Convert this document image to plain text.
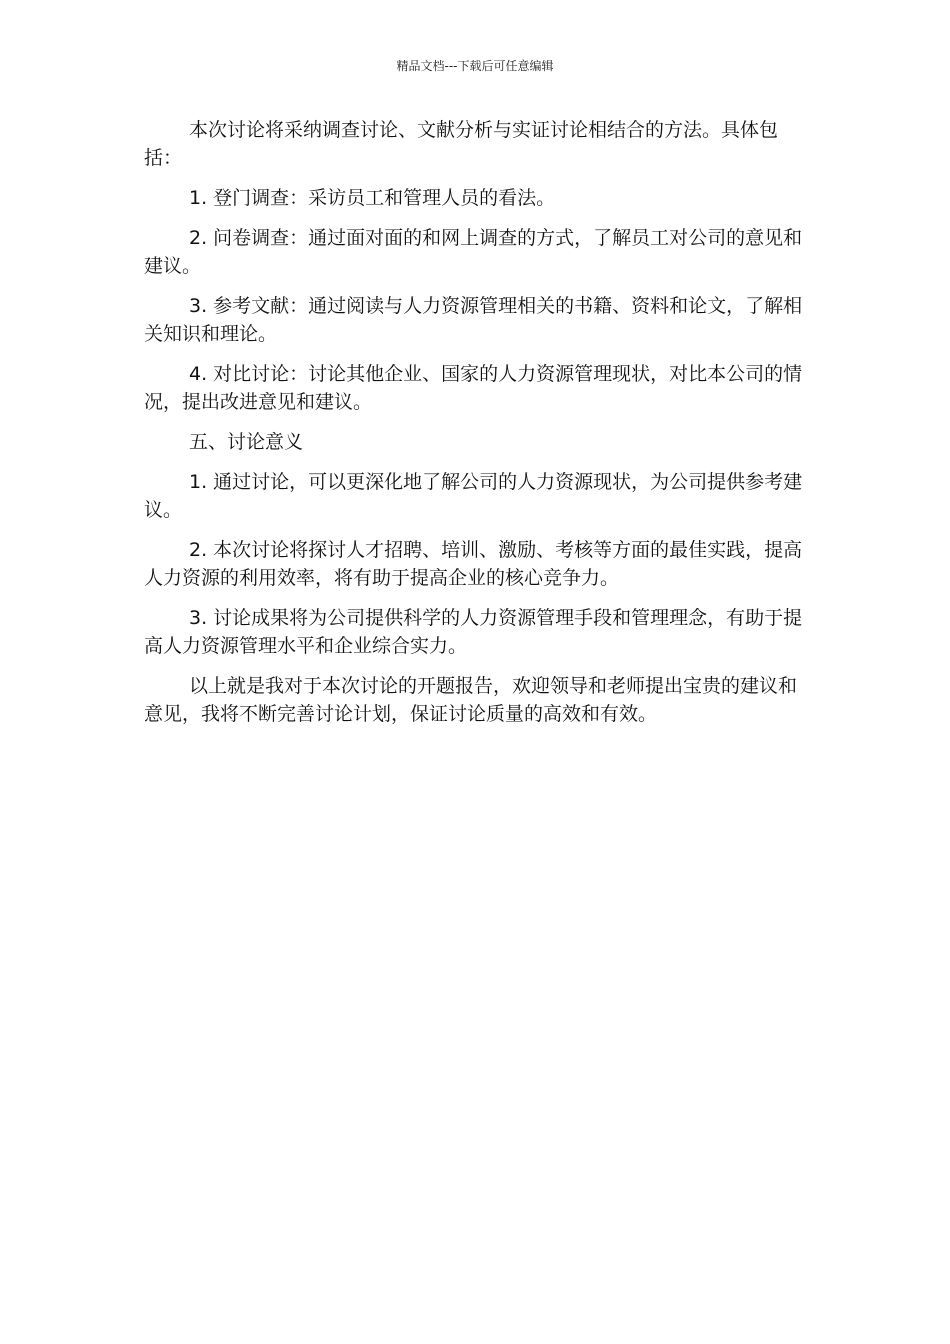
精品文档---下载后可任意编辑

本次讨论将采纳调查讨论、文献分析与实证讨论相结合的方法。具体包括：

1. 登门调查：采访员工和管理人员的看法。

2. 问卷调查：通过面对面的和网上调查的方式，了解员工对公司的意见和建议。

3. 参考文献：通过阅读与人力资源管理相关的书籍、资料和论文，了解相关知识和理论。

4. 对比讨论：讨论其他企业、国家的人力资源管理现状，对比本公司的情况，提出改进意见和建议。

五、讨论意义

1. 通过讨论，可以更深化地了解公司的人力资源现状，为公司提供参考建议。

2. 本次讨论将探讨人才招聘、培训、激励、考核等方面的最佳实践，提高人力资源的利用效率，将有助于提高企业的核心竞争力。

3. 讨论成果将为公司提供科学的人力资源管理手段和管理理念，有助于提高人力资源管理水平和企业综合实力。

以上就是我对于本次讨论的开题报告，欢迎领导和老师提出宝贵的建议和意见，我将不断完善讨论计划，保证讨论质量的高效和有效。
